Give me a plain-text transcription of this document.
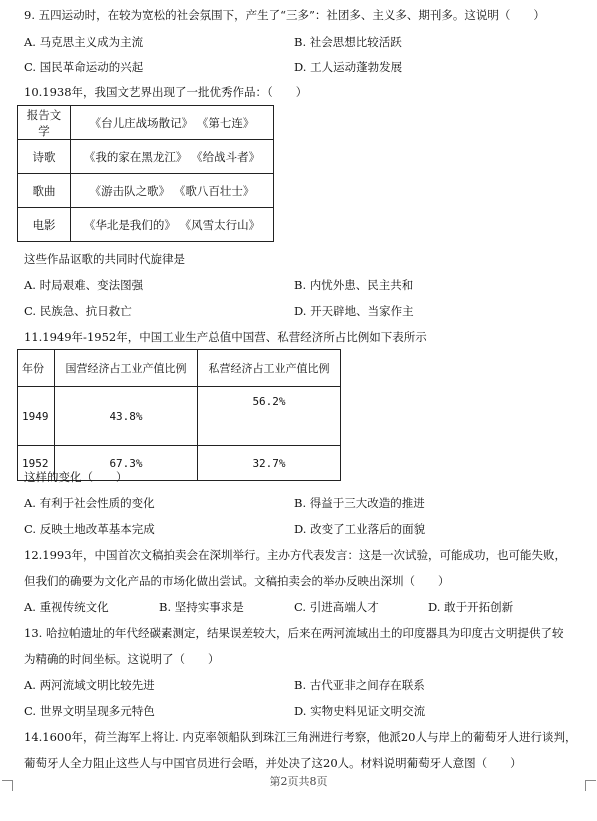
9. 五四运动时，在较为宽松的社会氛围下，产生了“三多”：社团多、主义多、期刊多。这说明（　　）
A. 马克思主义成为主流	B. 社会思想比较活跃
C. 国民革命运动的兴起	D. 工人运动蓬勃发展
10.1938年，我国文艺界出现了一批优秀作品：（　　）
报告文学	《台儿庄战场散记》 《第七连》
诗歌	《我的家在黑龙江》 《给战斗者》
歌曲	《游击队之歌》 《歌八百壮士》
电影	《华北是我们的》 《风雪太行山》
这些作品讴歌的共同时代旋律是
A. 时局艰难、变法图强	B. 内忧外患、民主共和
C. 民族急、抗日救亡	D. 开天辟地、当家作主
11.1949年-1952年，中国工业生产总值中国营、私营经济所占比例如下表所示
年份	国营经济占工业产值比例	私营经济占工业产值比例
1949	43.8%	56.2%
1952	67.3%	32.7%
这样的变化（　　）
A. 有利于社会性质的变化	B. 得益于三大改造的推进
C. 反映土地改革基本完成	D. 改变了工业落后的面貌
12.1993年，中国首次文稿拍卖会在深圳举行。主办方代表发言：这是一次试验，可能成功，也可能失败，
但我们的确要为文化产品的市场化做出尝试。文稿拍卖会的举办反映出深圳（　　）
A. 重视传统文化	B. 坚持实事求是	C. 引进高端人才	D. 敢于开拓创新
13. 哈拉帕遗址的年代经碳素测定，结果误差较大，后来在两河流域出土的印度器具为印度古文明提供了较
为精确的时间坐标。这说明了（　　）
A. 两河流域文明比较先进	B. 古代亚非之间存在联系
C. 世界文明呈现多元特色	D. 实物史料见证文明交流
14.1600年，荷兰海军上将让. 内克率领船队到珠江三角洲进行考察，他派20人与岸上的葡萄牙人进行谈判，
葡萄牙人全力阻止这些人与中国官员进行会晤，并处决了这20人。材料说明葡萄牙人意图（　　）
第2页共8页
